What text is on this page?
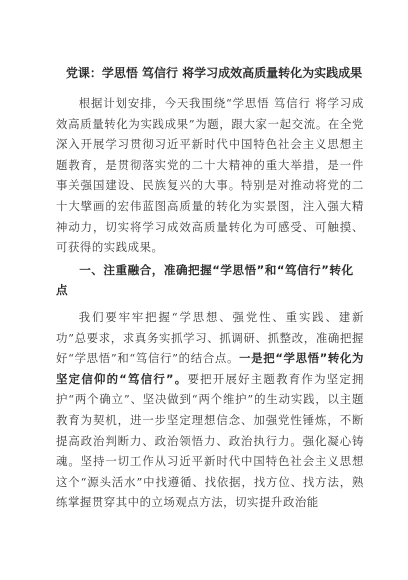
党课：学思悟 笃信行 将学习成效高质量转化为实践成果

根据计划安排，今天我围绕“学思悟 笃信行 将学习成效高质量转化为实践成果”为题，跟大家一起交流。在全党深入开展学习贯彻习近平新时代中国特色社会主义思想主题教育，是贯彻落实党的二十大精神的重大举措，是一件事关强国建设、民族复兴的大事。特别是对推动将党的二十大擘画的宏伟蓝图高质量的转化为实景图，注入强大精神动力，切实将学习成效高质量转化为可感受、可触摸、可获得的实践成果。

一、注重融合，准确把握“学思悟”和“笃信行”转化点

我们要牢牢把握“学思想、强党性、重实践、建新功”总要求，求真务实抓学习、抓调研、抓整改，准确把握好“学思悟”和“笃信行”的结合点。一是把“学思悟”转化为坚定信仰的“笃信行”。要把开展好主题教育作为坚定拥护“两个确立”、坚决做到“两个维护”的生动实践，以主题教育为契机，进一步坚定理想信念、加强党性锤炼，不断提高政治判断力、政治领悟力、政治执行力。强化凝心铸魂。坚持一切工作从习近平新时代中国特色社会主义思想这个“源头活水”中找遵循、找依据，找方位、找方法，熟练掌握贯穿其中的立场观点方法，切实提升政治能
